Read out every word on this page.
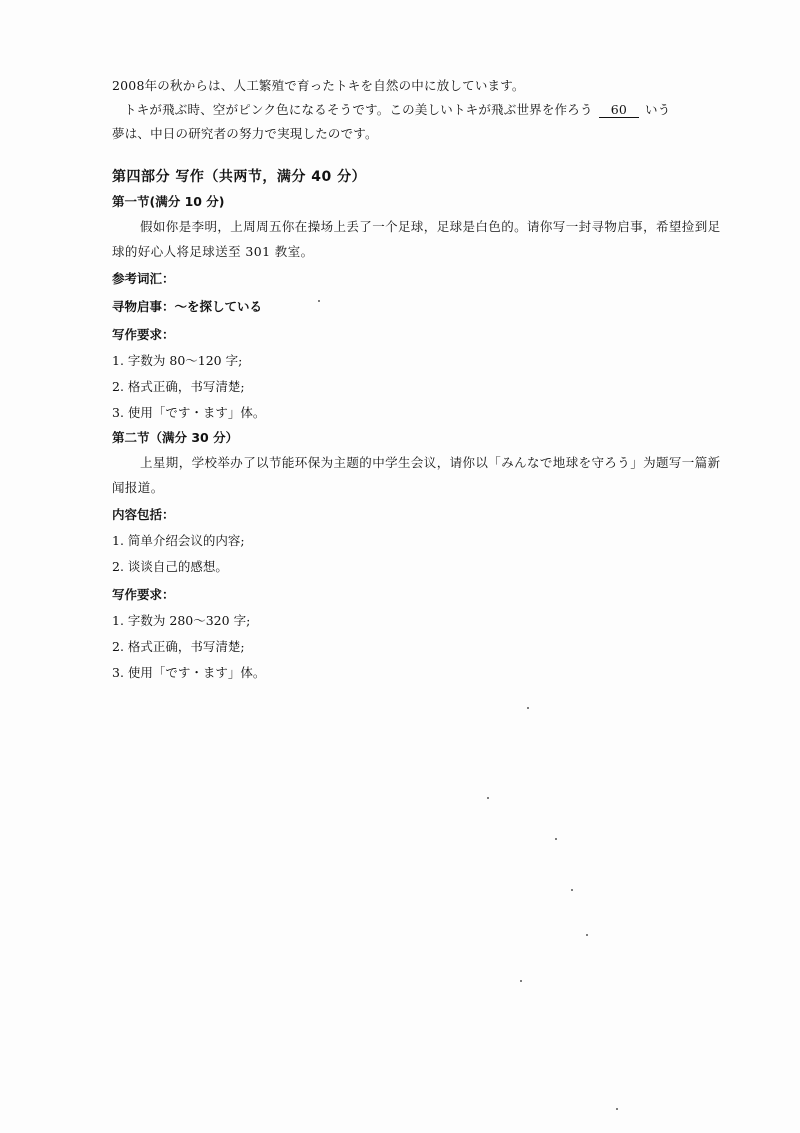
2008年の秋からは、人工繁殖で育ったトキを自然の中に放しています。
トキが飛ぶ時、空がピンク色になるそうです。この美しいトキが飛ぶ世界を作ろう 60 いう
夢は、中日の研究者の努力で実現したのです。
第四部分 写作（共两节，满分 40 分）
第一节(满分 10 分)
假如你是李明，上周周五你在操场上丢了一个足球，足球是白色的。请你写一封寻物启事，希望捡到足球的好心人将足球送至 301 教室。
参考词汇：
寻物启事：～を探している
写作要求：
1. 字数为 80～120 字;
2. 格式正确，书写清楚;
3. 使用「です・ます」体。
第二节（满分 30 分）
上星期，学校举办了以节能环保为主题的中学生会议，请你以「みんなで地球を守ろう」为题写一篇新闻报道。
内容包括：
1. 简单介绍会议的内容;
2. 谈谈自己的感想。
写作要求：
1. 字数为 280～320 字;
2. 格式正确，书写清楚;
3. 使用「です・ます」体。
